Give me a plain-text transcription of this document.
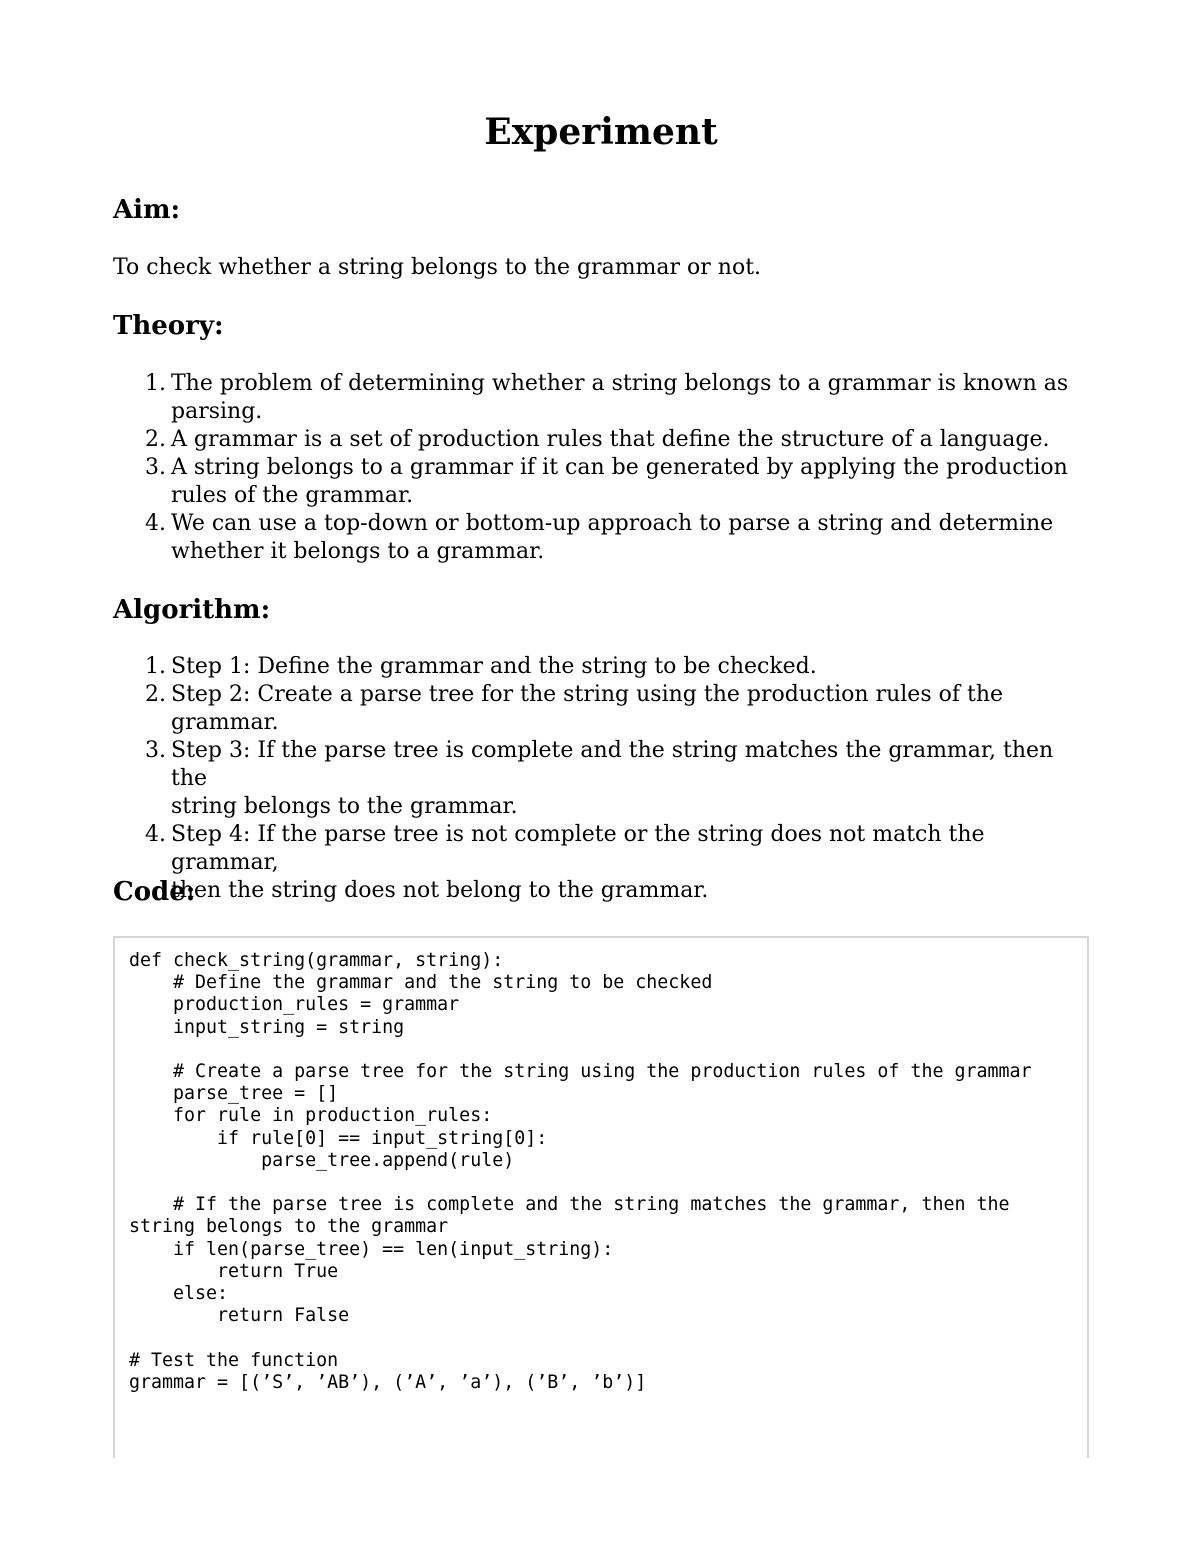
Experiment
Aim:

To check whether a string belongs to the grammar or not.

Theory:
1. The problem of determining whether a string belongs to a grammar is known as
parsing.
2. A grammar is a set of production rules that define the structure of a language.
3. A string belongs to a grammar if it can be generated by applying the production
rules of the grammar.
4. We can use a top-down or bottom-up approach to parse a string and determine
whether it belongs to a grammar.
Algorithm:
1. Step 1: Define the grammar and the string to be checked.
2. Step 2: Create a parse tree for the string using the production rules of the
grammar.
3. Step 3: If the parse tree is complete and the string matches the grammar, then the
string belongs to the grammar.
4. Step 4: If the parse tree is not complete or the string does not match the grammar,
then the string does not belong to the grammar.
Code:
def check_string(grammar, string):
# Define the grammar and the string to be checked
production_rules = grammar
input_string = string

# Create a parse tree for the string using the production rules of the grammar
parse_tree = []
for rule in production_rules:
if rule[0] == input_string[0]:
parse_tree.append(rule)

# If the parse tree is complete and the string matches the grammar, then the
string belongs to the grammar
if len(parse_tree) == len(input_string):
return True
else:
return False

# Test the function
grammar = [(’S’, ’AB’), (’A’, ’a’), (’B’, ’b’)]
